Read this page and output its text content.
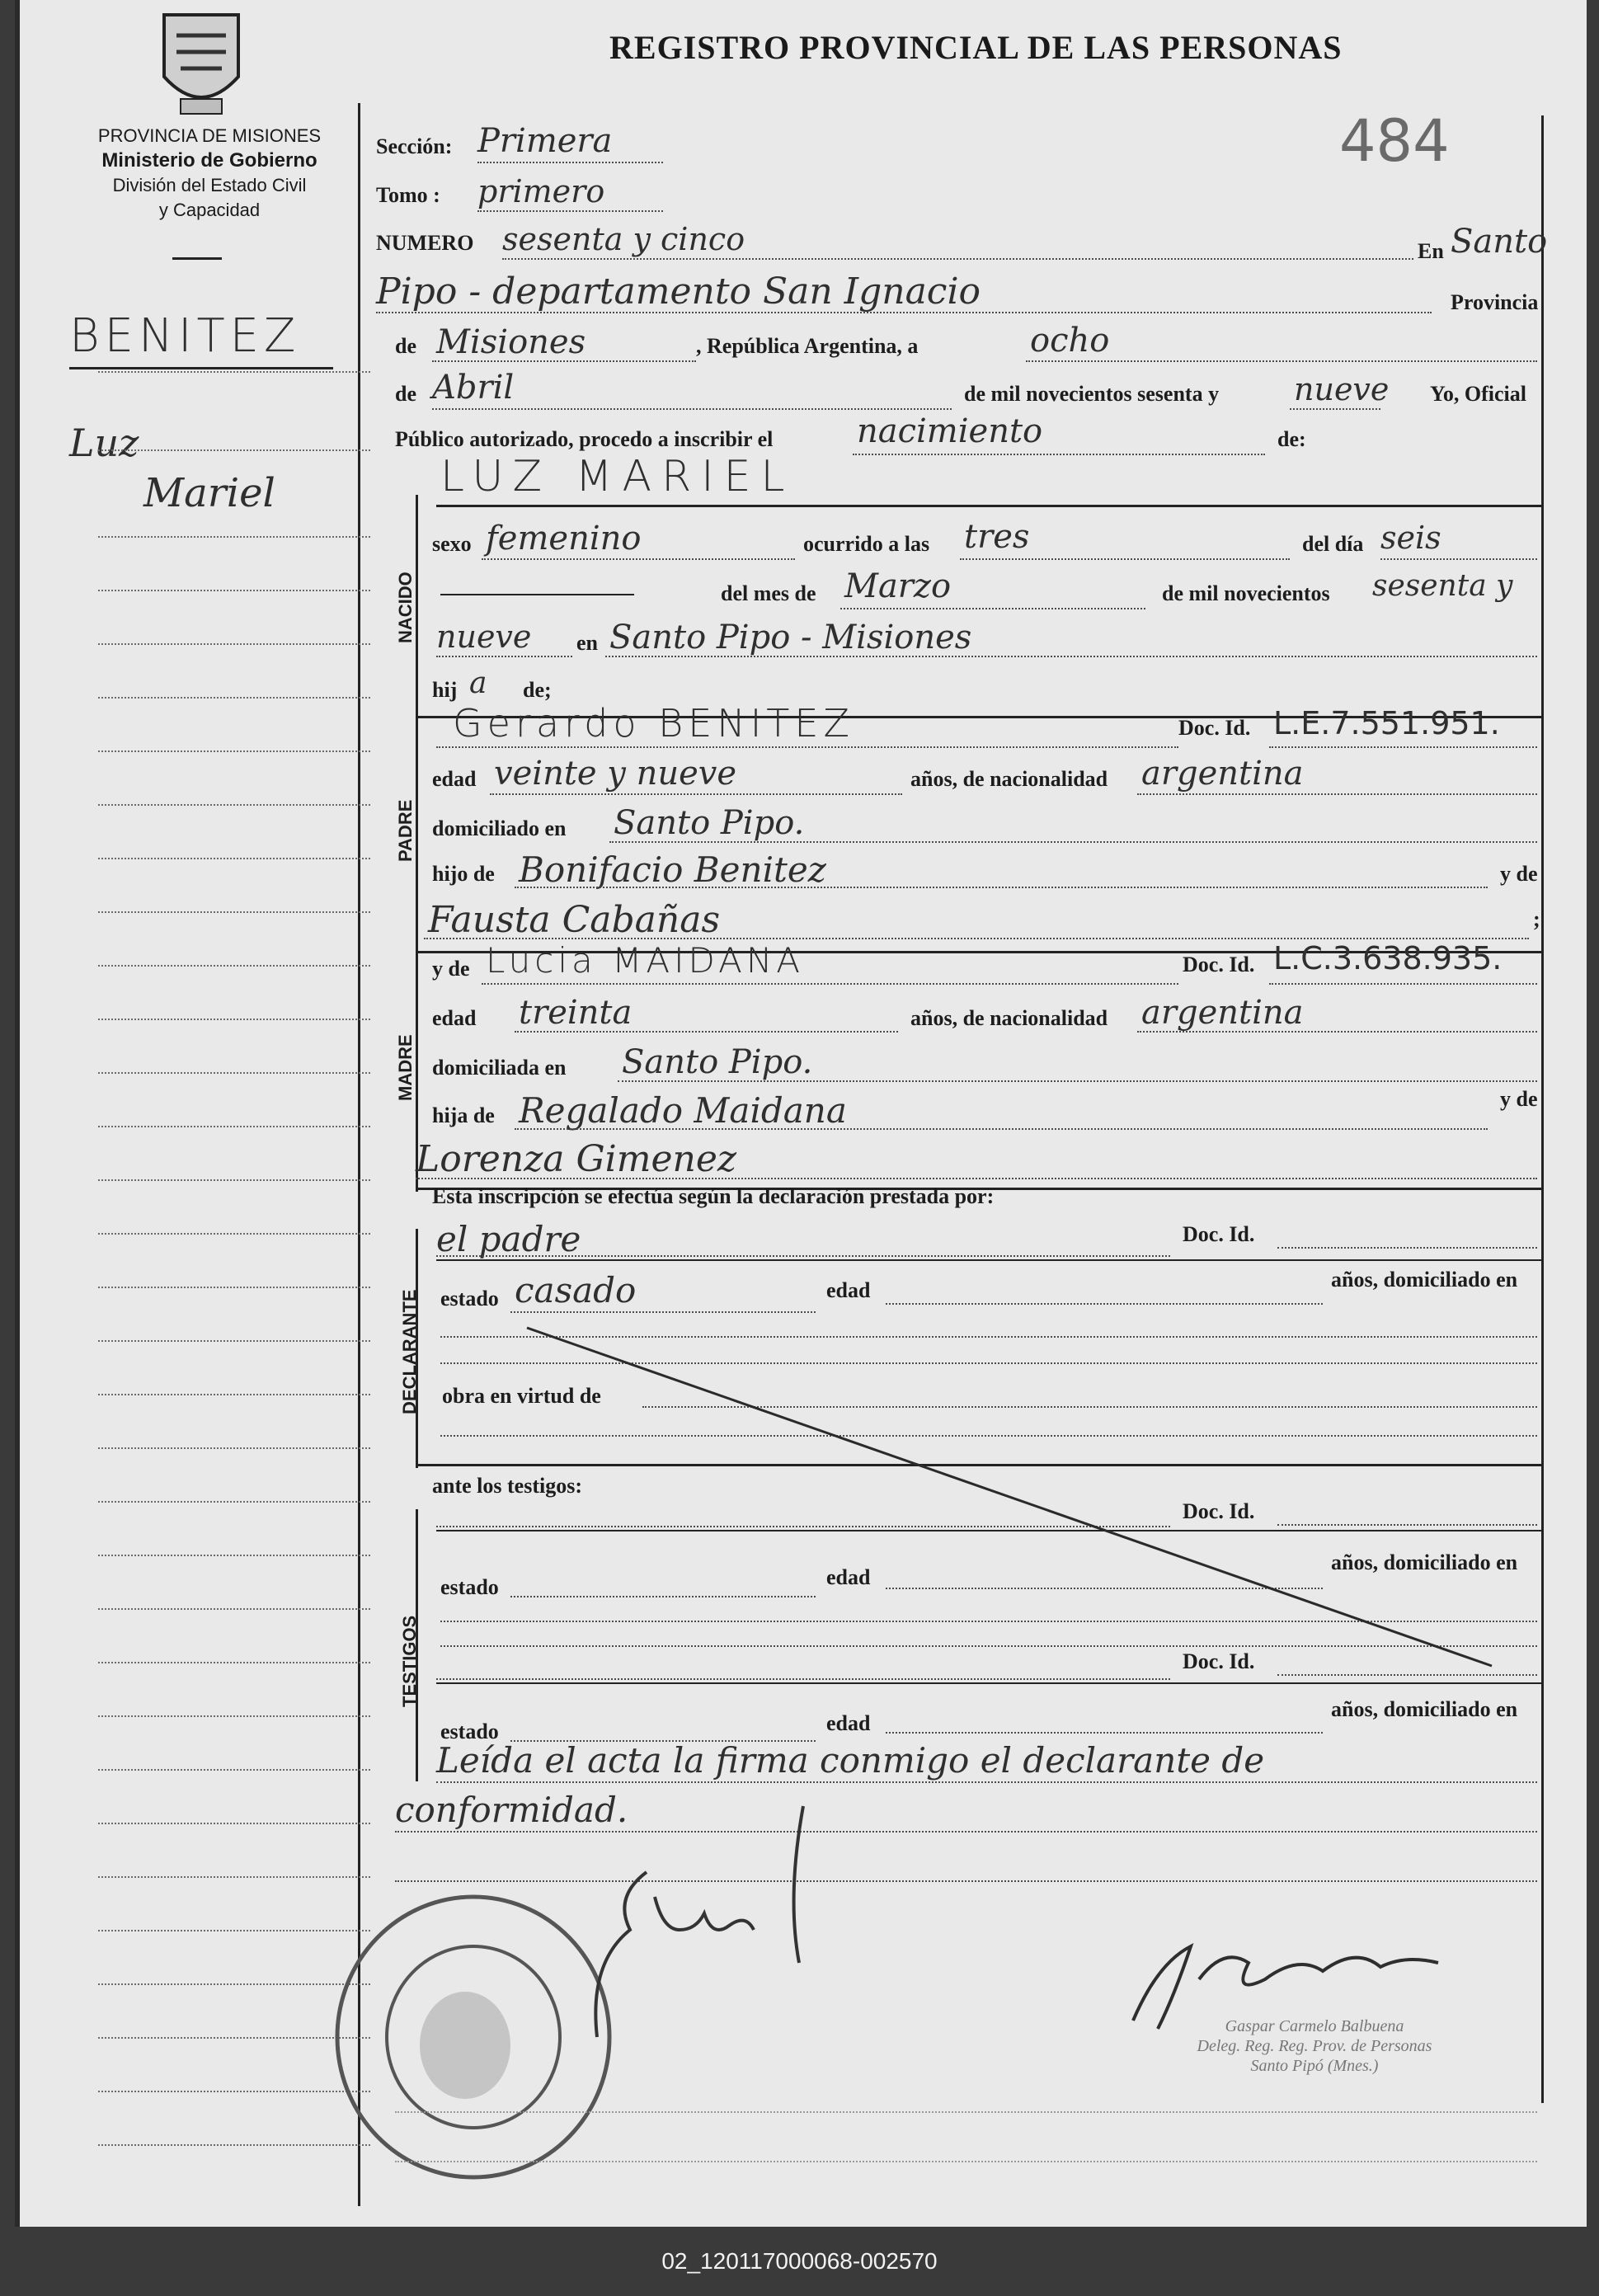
PROVINCIA DE MISIONES
Ministerio de Gobierno
División del Estado Civil
y Capacidad
REGISTRO PROVINCIAL DE LAS PERSONAS
484
BENITEZ
Luz
Mariel
Sección: Primera
Tomo : primero
NUMERO sesenta y cinco	En Santo
Pipo - departamento San Ignacio	Provincia
de Misiones	, República Argentina, a	ocho
de Abril	de mil novecientos sesenta y nueve Yo, Oficial
Público autorizado, procedo a inscribir el	nacimiento	de:
LUZ MARIEL
NACIDO
sexo femenino	ocurrido a las tres	del día seis
del mes de Marzo	de mil novecientos sesenta y
nueve en Santo Pipo - Misiones
hij a de;
PADRE
Gerardo BENITEZ	Doc. Id. L.E.7.551.951.
edad veinte y nueve	años, de nacionalidad argentina
domiciliado en Santo Pipo.
hijo de Bonifacio Benitez	y de
Fausta Cabañas	;
MADRE
y de Lucia MAIDANA	Doc. Id. L.C.3.638.935.
edad treinta	años, de nacionalidad argentina
domiciliada en Santo Pipo.
hija de Regalado Maidana	y de
Lorenza Gimenez
Esta inscripción se efectúa según la declaración prestada por:
DECLARANTE
el padre	Doc. Id.
estado casado	edad	años, domiciliado en
obra en virtud de
ante los testigos:
TESTIGOS
Doc. Id.
estado	edad
años, domiciliado en
Doc. Id.
estado	edad
años, domiciliado en
Leída el acta la firma conmigo el declarante de
conformidad.
Gaspar Carmelo Balbuena
Deleg. Reg. Reg. Prov. de Personas
Santo Pipó (Mnes.)
02_120117000068-002570
